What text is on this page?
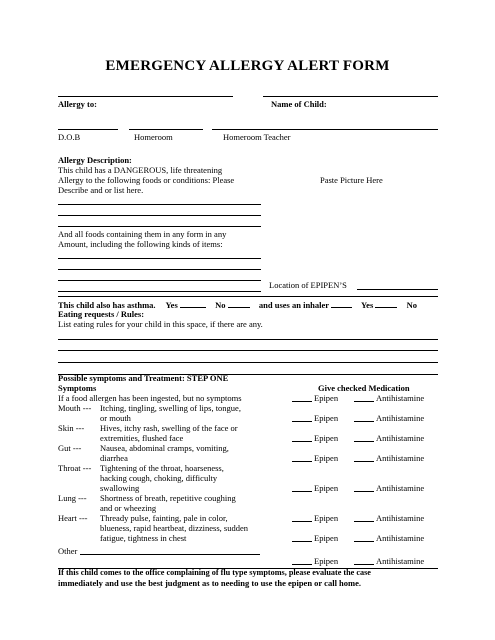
EMERGENCY ALLERGY ALERT FORM
Allergy to:	Name of Child:
D.O.B	Homeroom	Homeroom Teacher
Allergy Description:
This child has a DANGEROUS, life threatening
Allergy to the following foods or conditions: Please	Paste Picture Here
Describe and or list here.
And all foods containing them in any form in any
Amount, including the following kinds of items:
Location of EPIPEN’S
This child also has asthma. Yes	No	and uses an inhaler	Yes	No
Eating requests / Rules:
List eating rules for your child in this space, if there are any.
Possible symptoms and Treatment: STEP ONE
Symptoms	Give checked Medication
If a food allergen has been ingested, but no symptoms	Epipen	Antihistamine
Mouth --- Itching, tingling, swelling of lips, tongue,
or mouth	Epipen	Antihistamine
Skin --- Hives, itchy rash, swelling of the face or
extremities, flushed face	Epipen	Antihistamine
Gut --- Nausea, abdominal cramps, vomiting,
diarrhea	Epipen	Antihistamine
Throat --- Tightening of the throat, hoarseness,
hacking cough, choking, difficulty
swallowing	Epipen	Antihistamine
Lung --- Shortness of breath, repetitive coughing
and or wheezing
Epipen	Antihistamine
Heart --- Thready pulse, fainting, pale in color,
blueness, rapid heartbeat, dizziness, sudden
fatigue, tightness in chest	Epipen	Antihistamine
Other
Epipen	Antihistamine
If this child comes to the office complaining of flu type symptoms, please evaluate the case
immediately and use the best judgment as to needing to use the epipen or call home.
